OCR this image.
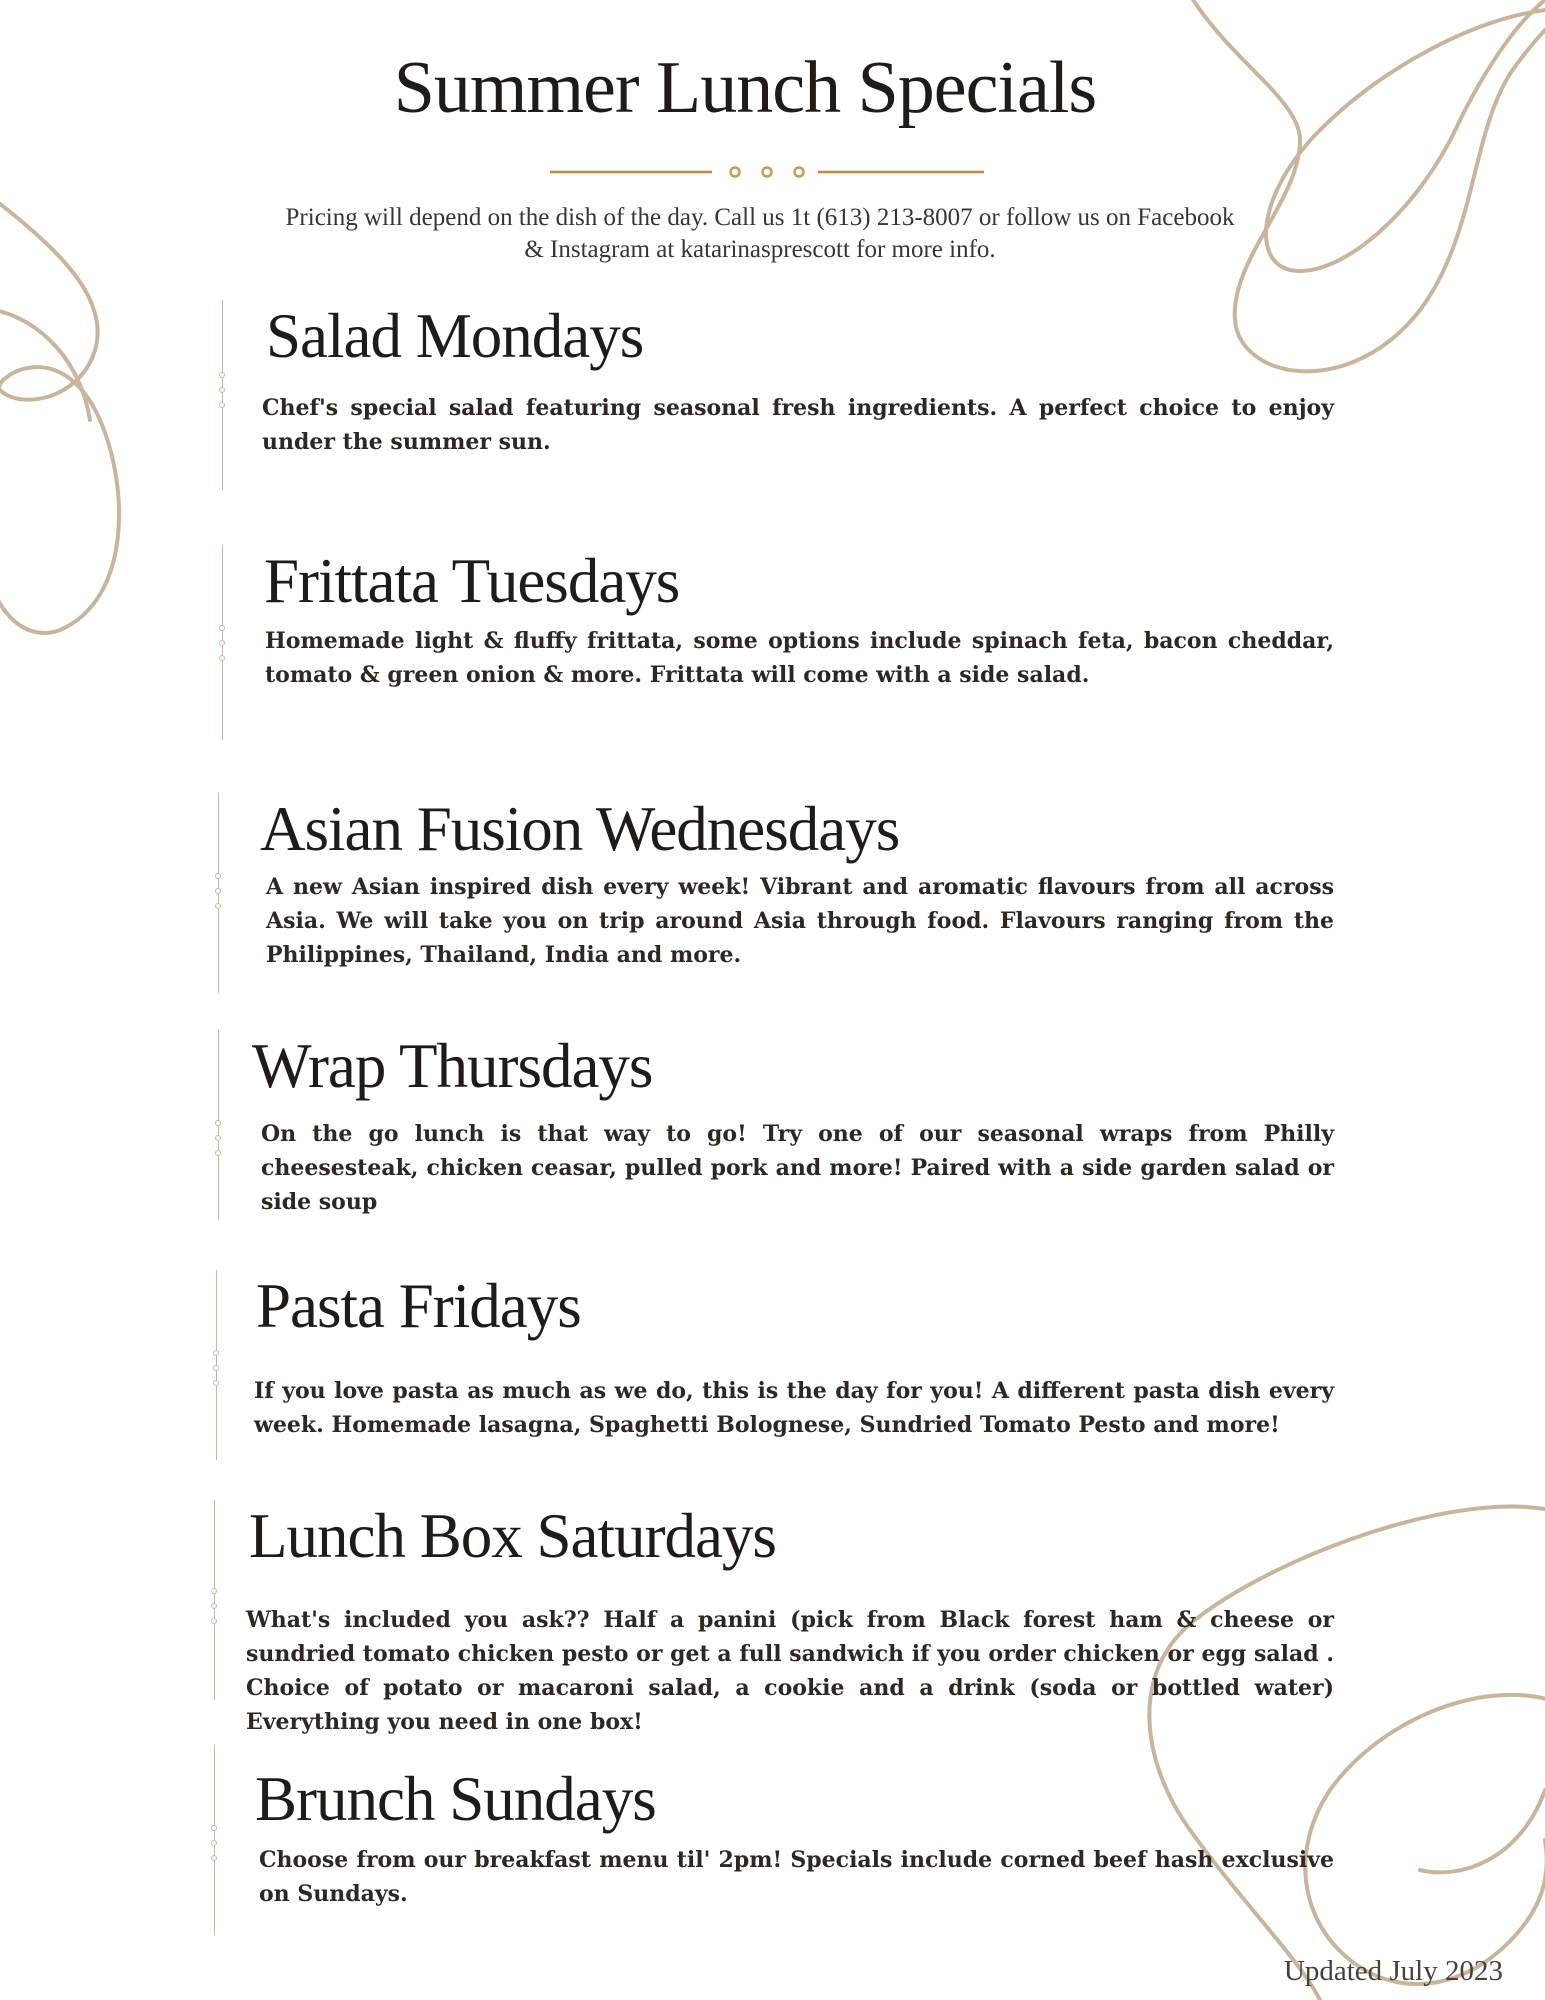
Summer Lunch Specials

Pricing will depend on the dish of the day. Call us 1t (613) 213-8007 or follow us on Facebook & Instagram at katarinasprescott for more info.

Salad Mondays

Chef's special salad featuring seasonal fresh ingredients. A perfect choice to enjoy under the summer sun.

Frittata Tuesdays

Homemade light & fluffy frittata, some options include spinach feta, bacon cheddar, tomato & green onion & more. Frittata will come with a side salad.

Asian Fusion Wednesdays

A new Asian inspired dish every week! Vibrant and aromatic flavours from all across Asia. We will take you on trip around Asia through food. Flavours ranging from the Philippines, Thailand, India and more.

Wrap Thursdays

On the go lunch is that way to go! Try one of our seasonal wraps from Philly cheesesteak, chicken ceasar, pulled pork and more! Paired with a side garden salad or side soup

Pasta Fridays

If you love pasta as much as we do, this is the day for you! A different pasta dish every week. Homemade lasagna, Spaghetti Bolognese, Sundried Tomato Pesto and more!

Lunch Box Saturdays

What's included you ask?? Half a panini (pick from Black forest ham & cheese or sundried tomato chicken pesto or get a full sandwich if you order chicken or egg salad . Choice of potato or macaroni salad, a cookie and a drink (soda or bottled water) Everything you need in one box!

Brunch Sundays

Choose from our breakfast menu til' 2pm! Specials include corned beef hash exclusive on Sundays.

Updated July 2023
